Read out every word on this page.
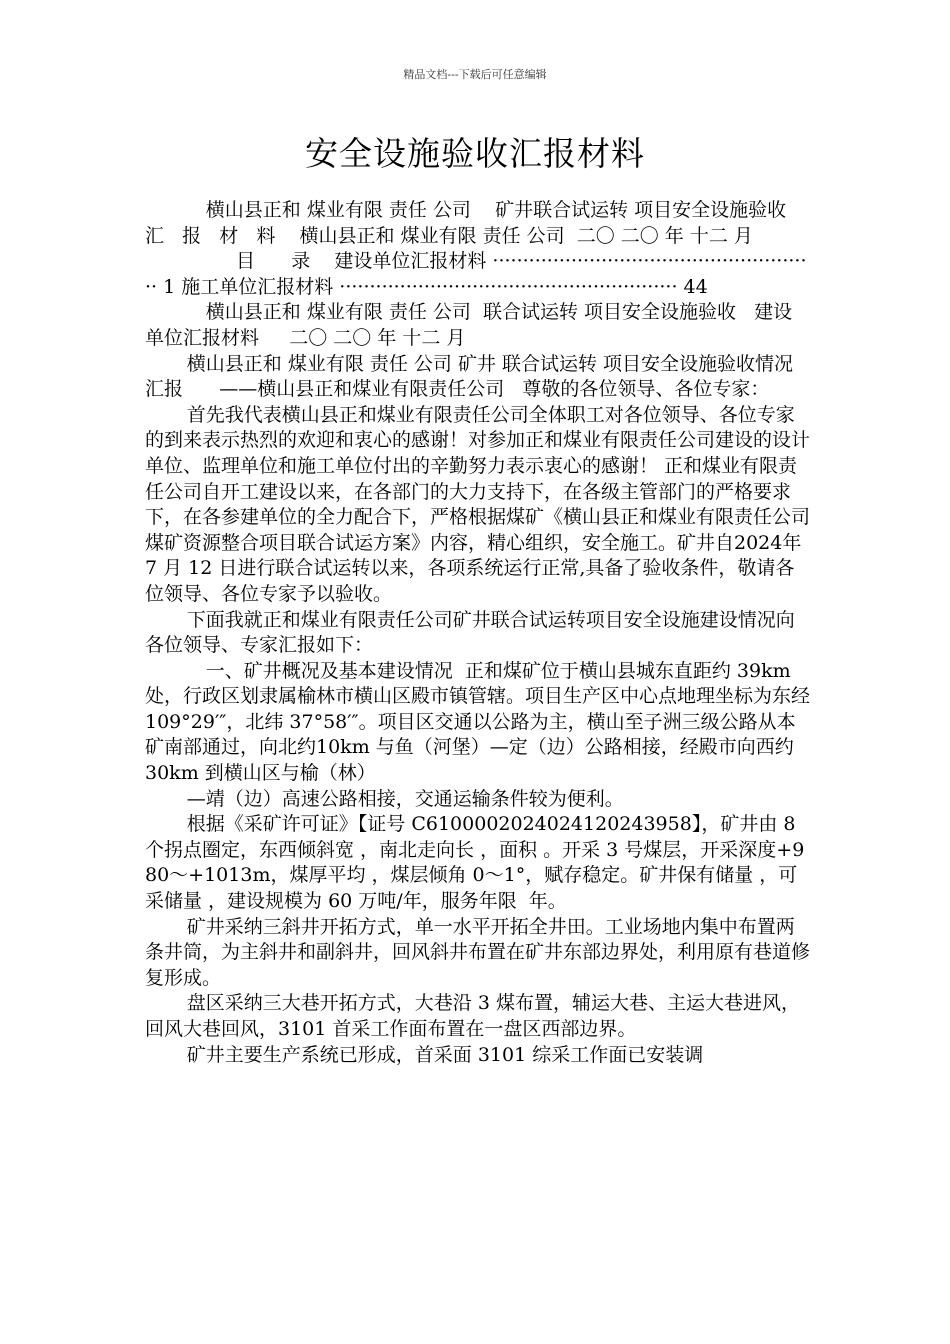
精品文档---下载后可任意编辑
安全设施验收汇报材料

横山县正和 煤业有限 责任 公司    矿井联合试运转 项目安全设施验收    汇   报   材   料    横山县正和 煤业有限 责任 公司  二〇 二〇 年 十二 月

目      录    建设单位汇报材料 ······················································ 1 施工单位汇报材料 ························································ 44

横山县正和 煤业有限 责任 公司  联合试运转 项目安全设施验收   建设单位汇报材料     二〇 二〇 年 十二 月

横山县正和 煤业有限 责任 公司 矿井 联合试运转 项目安全设施验收情况汇报      ——横山县正和煤业有限责任公司   尊敬的各位领导、各位专家：

首先我代表横山县正和煤业有限责任公司全体职工对各位领导、各位专家的到来表示热烈的欢迎和衷心的感谢！对参加正和煤业有限责任公司建设的设计单位、监理单位和施工单位付出的辛勤努力表示衷心的感谢！ 正和煤业有限责任公司自开工建设以来，在各部门的大力支持下，在各级主管部门的严格要求下，在各参建单位的全力配合下，严格根据煤矿《横山县正和煤业有限责任公司煤矿资源整合项目联合试运方案》内容，精心组织，安全施工。矿井自2024年 7 月 12 日进行联合试运转以来，各项系统运行正常,具备了验收条件，敬请各位领导、各位专家予以验收。

下面我就正和煤业有限责任公司矿井联合试运转项目安全设施建设情况向各位领导、专家汇报如下：

一、矿井概况及基本建设情况  正和煤矿位于横山县城东直距约 39km 处，行政区划隶属榆林市横山区殿市镇管辖。项目生产区中心点地理坐标为东经 109°29′″，北纬 37°58′″。项目区交通以公路为主，横山至子洲三级公路从本矿南部通过，向北约10km 与鱼（河堡）—定（边）公路相接，经殿市向西约 30km 到横山区与榆（林）

—靖（边）高速公路相接，交通运输条件较为便利。

根据《采矿许可证》【证号 C6100002024024120243958】，矿井由 8 个拐点圈定，东西倾斜宽 ，南北走向长 ，面积 。开采 3 号煤层，开采深度+980～+1013m，煤厚平均 ，煤层倾角 0～1°，赋存稳定。矿井保有储量 ，可采储量 ，建设规模为 60 万吨/年，服务年限  年。

矿井采纳三斜井开拓方式，单一水平开拓全井田。工业场地内集中布置两条井筒，为主斜井和副斜井，回风斜井布置在矿井东部边界处，利用原有巷道修复形成。

盘区采纳三大巷开拓方式，大巷沿 3 煤布置，辅运大巷、主运大巷进风，回风大巷回风，3101 首采工作面布置在一盘区西部边界。

矿井主要生产系统已形成，首采面 3101 综采工作面已安装调
